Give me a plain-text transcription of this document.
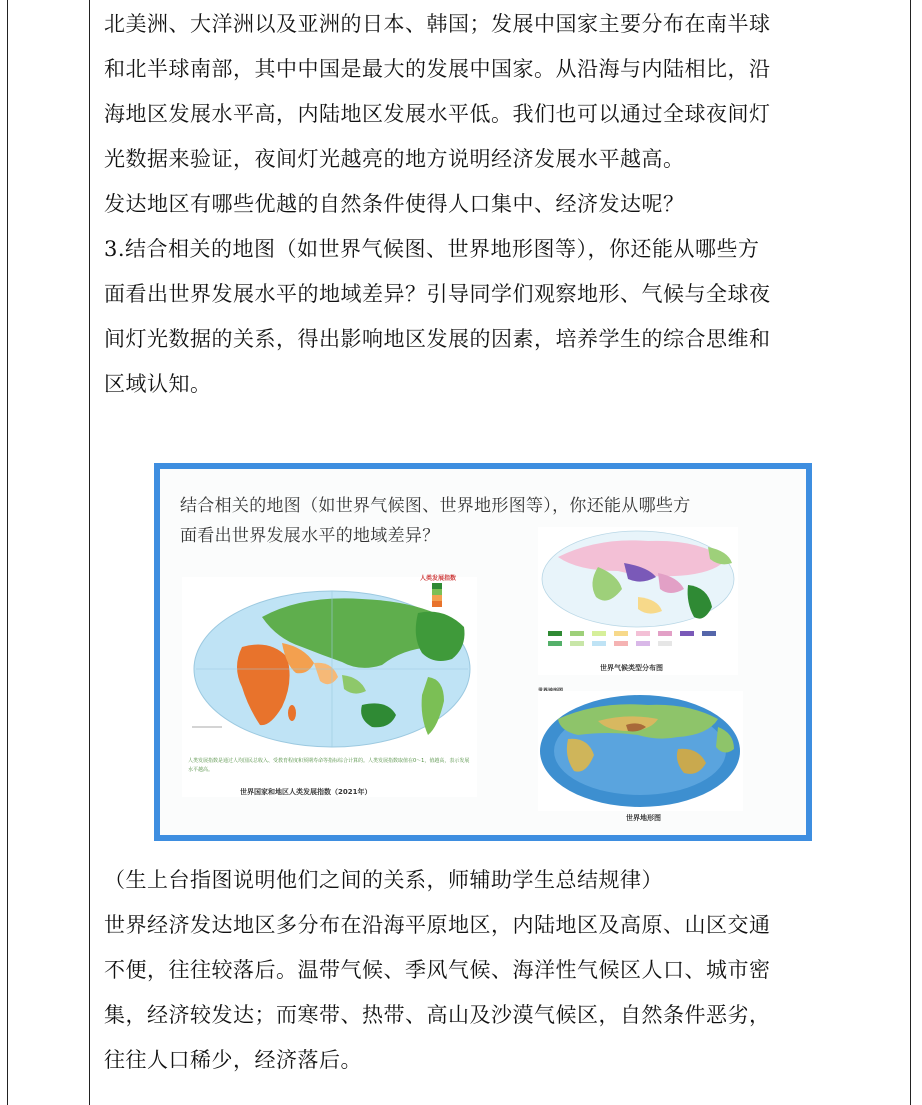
北美洲、大洋洲以及亚洲的日本、韩国；发展中国家主要分布在南半球

和北半球南部，其中中国是最大的发展中国家。从沿海与内陆相比，沿

海地区发展水平高，内陆地区发展水平低。我们也可以通过全球夜间灯

光数据来验证，夜间灯光越亮的地方说明经济发展水平越高。

发达地区有哪些优越的自然条件使得人口集中、经济发达呢？

3.结合相关的地图（如世界气候图、世界地形图等），你还能从哪些方

面看出世界发展水平的地域差异？引导同学们观察地形、气候与全球夜

间灯光数据的关系，得出影响地区发展的因素，培养学生的综合思维和

区域认知。

结合相关的地图（如世界气候图、世界地形图等），你还能从哪些方
面看出世界发展水平的地域差异？
人类发展指数
人类发展指数是通过人均国民总收入、受教育程度和预期寿命等指标综合计算的。人类发展指数取值在0～1，值越高，表示发展水平越高。
世界国家和地区人类发展指数（2021年）
世界气候类型分布图
世界地形图

（生上台指图说明他们之间的关系，师辅助学生总结规律）

世界经济发达地区多分布在沿海平原地区，内陆地区及高原、山区交通

不便，往往较落后。温带气候、季风气候、海洋性气候区人口、城市密

集，经济较发达；而寒带、热带、高山及沙漠气候区，自然条件恶劣，

往往人口稀少，经济落后。
